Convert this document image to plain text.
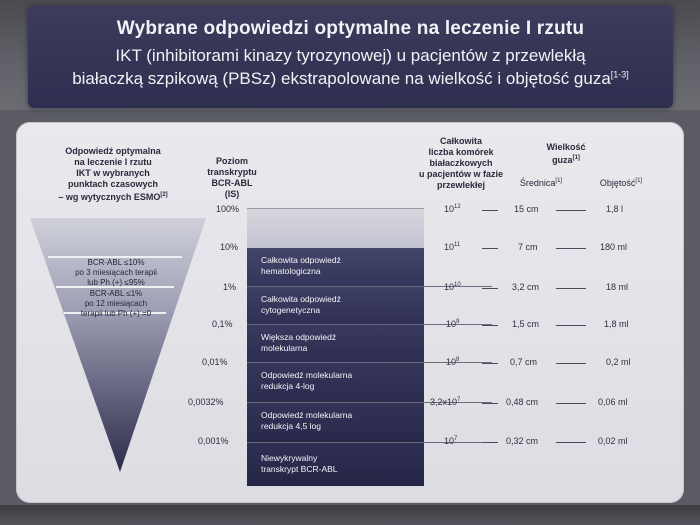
Wybrane odpowiedzi optymalne na leczenie I rzutu
IKT (inhibitorami kinazy tyrozynowej) u pacjentów z przewlekłą
białaczką szpikową (PBSz) ekstrapolowane na wielkość i objętość guza[1-3]
Odpowiedź optymalna
na leczenie I rzutu
IKT w wybranych
punktach czasowych
– wg wytycznych ESMO[2]
Poziom
transkryptu
BCR-ABL
(IS)
Całkowita
liczba komórek
białaczkowych
u pacjentów w fazie
przewlekłej
Wielkość
guza[1]
Średnica[1]	Objętość[1]
BCR-ABL ≤10%
po 3 miesiącach terapii
lub Ph (+) ≤95%
BCR-ABL ≤1%
po 12 miesiącach
terapii lub Ph (+) =0
100%
10%
1%
0,1%
0,01%
0,0032%
0,001%
Całkowita odpowiedź
hematologiczna
Całkowita odpowiedź
cytogenetyczna
Większa odpowiedź
molekularna
Odpowiedź molekularna
redukcja 4-log
Odpowiedź molekularna
redukcja 4,5 log
Niewykrywalny
transkrypt BCR-ABL
$10^{12}$	15 cm	1,8 l
$10^{11}$	7 cm	180 ml
$10^{10}$	3,2 cm	18 ml
$10^9$	1,5 cm	1,8 ml
$10^8$	0,7 cm	0,2 ml
$3,2x10^7$	0,48 cm	0,06 ml
$10^7$	0,32 cm	0,02 ml
